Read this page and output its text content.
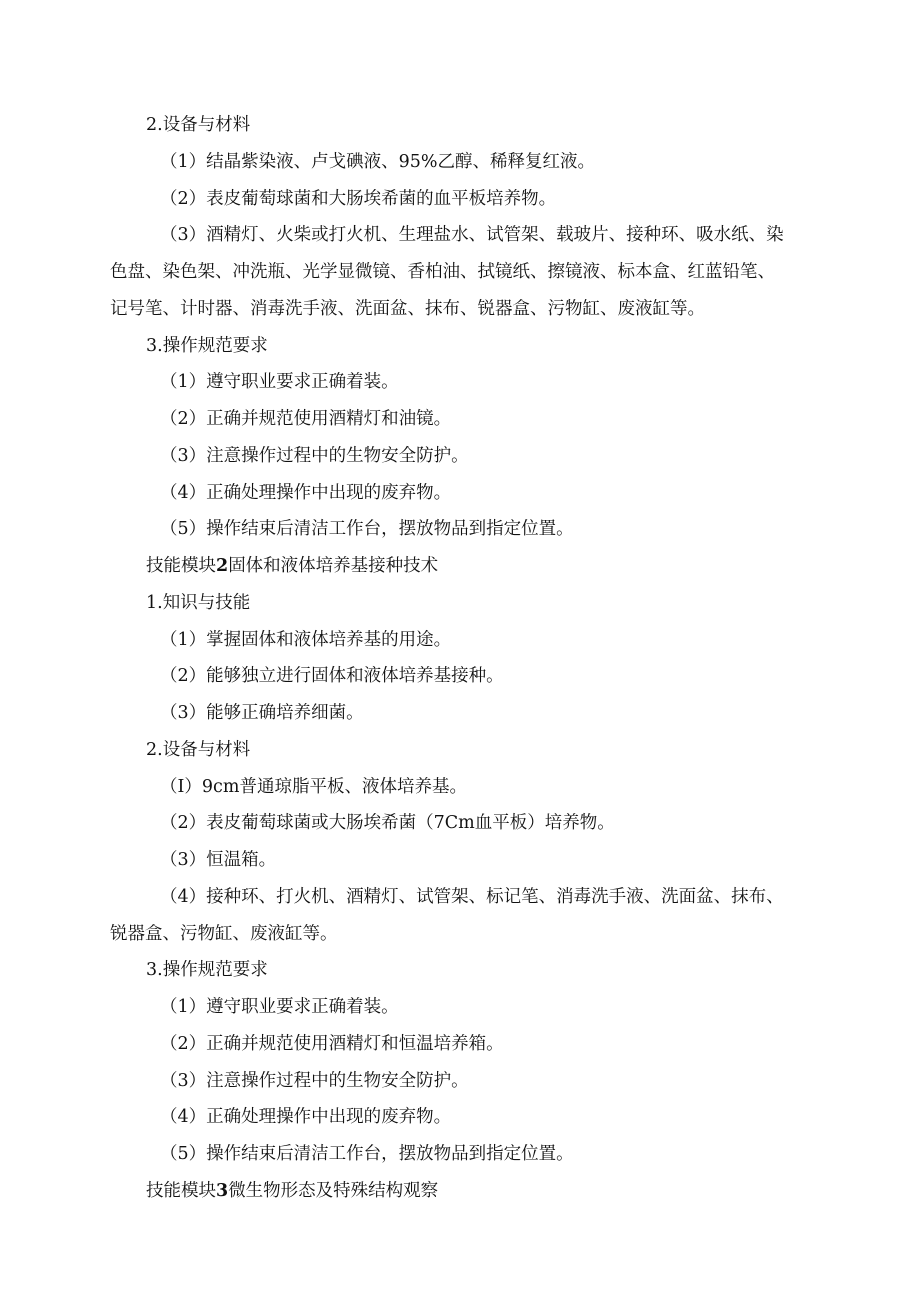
2.设备与材料
（1）结晶紫染液、卢戈碘液、95%乙醇、稀释复红液。
（2）表皮葡萄球菌和大肠埃希菌的血平板培养物。
（3）酒精灯、火柴或打火机、生理盐水、试管架、载玻片、接种环、吸水纸、染
色盘、染色架、冲洗瓶、光学显微镜、香柏油、拭镜纸、擦镜液、标本盒、红蓝铅笔、
记号笔、计时器、消毒洗手液、洗面盆、抹布、锐器盒、污物缸、废液缸等。
3.操作规范要求
（1）遵守职业要求正确着装。
（2）正确并规范使用酒精灯和油镜。
（3）注意操作过程中的生物安全防护。
（4）正确处理操作中出现的废弃物。
（5）操作结束后清洁工作台，摆放物品到指定位置。
技能模块2固体和液体培养基接种技术
1.知识与技能
（1）掌握固体和液体培养基的用途。
（2）能够独立进行固体和液体培养基接种。
（3）能够正确培养细菌。
2.设备与材料
（I）9cm普通琼脂平板、液体培养基。
（2）表皮葡萄球菌或大肠埃希菌（7Cm血平板）培养物。
（3）恒温箱。
（4）接种环、打火机、酒精灯、试管架、标记笔、消毒洗手液、洗面盆、抹布、
锐器盒、污物缸、废液缸等。
3.操作规范要求
（1）遵守职业要求正确着装。
（2）正确并规范使用酒精灯和恒温培养箱。
（3）注意操作过程中的生物安全防护。
（4）正确处理操作中出现的废弃物。
（5）操作结束后清洁工作台，摆放物品到指定位置。
技能模块3微生物形态及特殊结构观察
